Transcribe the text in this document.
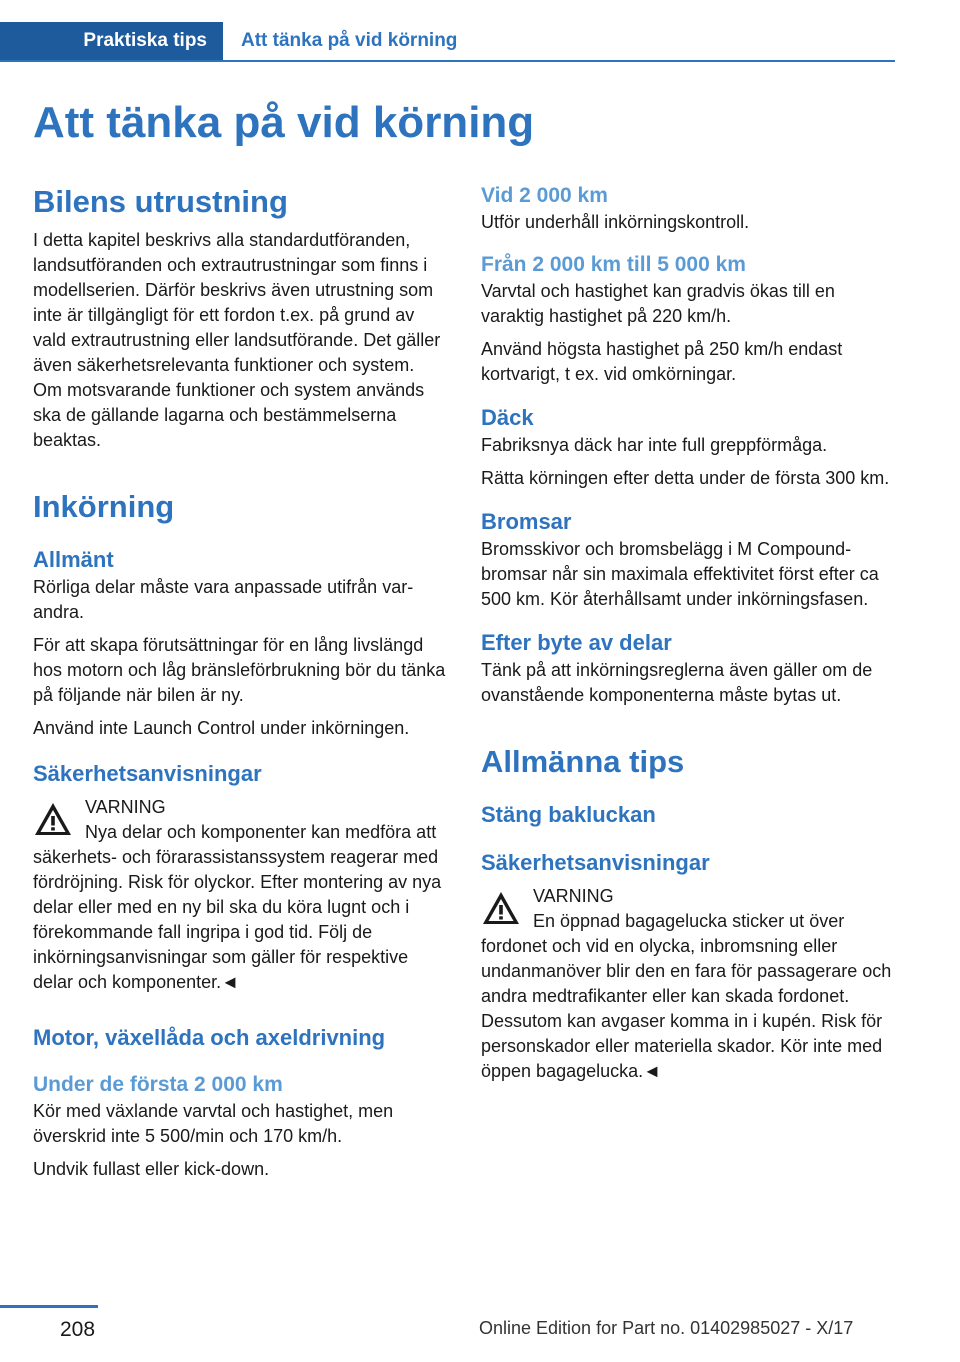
Praktiska tips	Att tänka på vid körning
Att tänka på vid körning
Bilens utrustning

I detta kapitel beskrivs alla standardutföranden, landsutföranden och extrautrustningar som finns i modellserien. Därför beskrivs även utrustning som inte är tillgängligt för ett fordon t.ex. på grund av vald extrautrustning eller landsutförande. Det gäller även säkerhetsrelevanta funktioner och system. Om motsvarande funktioner och system används ska de gällande lagarna och bestämmelserna beaktas.

Inkörning
Allmänt

Rörliga delar måste vara anpassade utifrån varandra.

För att skapa förutsättningar för en lång livslängd hos motorn och låg bränsleförbrukning bör du tänka på följande när bilen är ny.

Använd inte Launch Control under inkörningen.

Säkerhetsanvisningar
VARNING

Nya delar och komponenter kan medföra att säkerhets- och förarassistanssystem reagerar med fördröjning. Risk för olyckor. Efter montering av nya delar eller med en ny bil ska du köra lugnt och i förekommande fall ingripa i god tid. Följ de inkörningsanvisningar som gäller för respektive delar och komponenter.◄

Motor, växellåda och axeldrivning
Under de första 2 000 km

Kör med växlande varvtal och hastighet, men överskrid inte 5 500/min och 170 km/h.

Undvik fullast eller kick-down.

Vid 2 000 km

Utför underhåll inkörningskontroll.

Från 2 000 km till 5 000 km

Varvtal och hastighet kan gradvis ökas till en varaktig hastighet på 220 km/h.

Använd högsta hastighet på 250 km/h endast kortvarigt, t ex. vid omkörningar.

Däck

Fabriksnya däck har inte full greppförmåga.

Rätta körningen efter detta under de första 300 km.

Bromsar

Bromsskivor och bromsbelägg i M Compound-bromsar når sin maximala effektivitet först efter ca 500 km. Kör återhållsamt under inkörningsfasen.

Efter byte av delar

Tänk på att inkörningsreglerna även gäller om de ovanstående komponenterna måste bytas ut.

Allmänna tips
Stäng bakluckan
Säkerhetsanvisningar
VARNING

En öppnad bagagelucka sticker ut över fordonet och vid en olycka, inbromsning eller undanmanöver blir den en fara för passagerare och andra medtrafikanter eller kan skada fordonet. Dessutom kan avgaser komma in i kupén. Risk för personskador eller materiella skador. Kör inte med öppen bagagelucka.◄

208	Online Edition for Part no. 01402985027 - X/17
